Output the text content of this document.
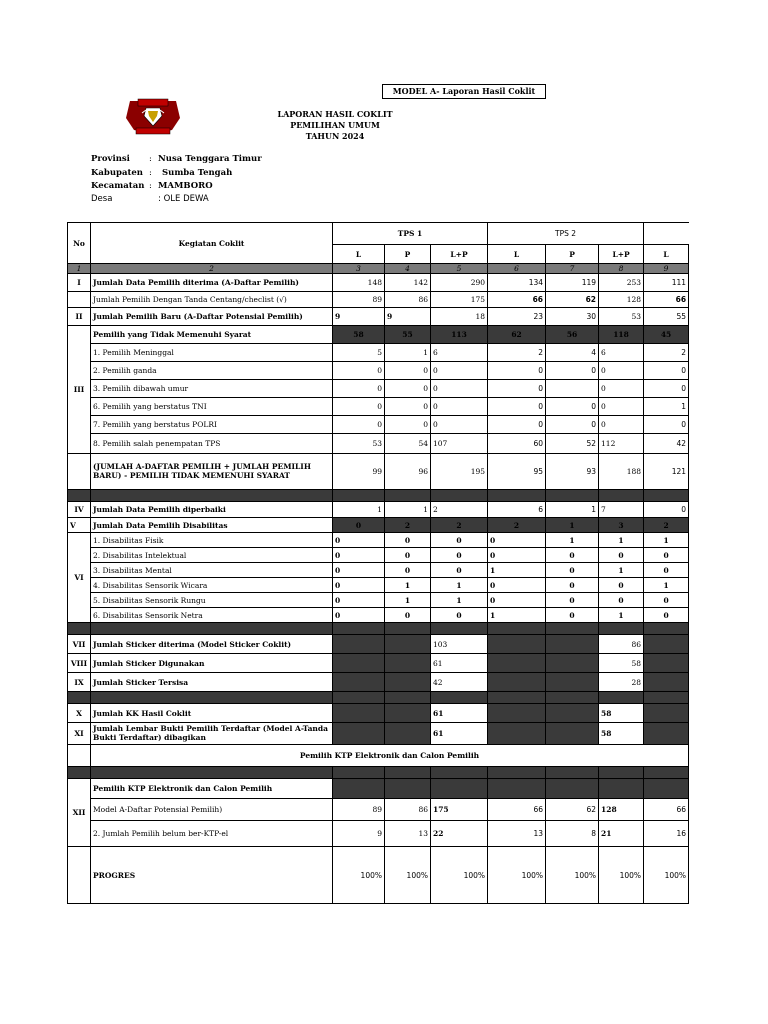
MODEL A- Laporan Hasil Coklit
LAPORAN HASIL COKLIT
PEMILIHAN UMUM
TAHUN 2024
Provinsi : Nusa Tenggara Timur
Kabupaten :Sumba Tengah
Kecamatan : MAMBORO
Desa	: OLE DEWA
No	Kegiatan Coklit	TPS 1			TPS 2			
		L	P	L+P	L	P	L+P	L
1	2	3	4	5	6	7	8	9
I	Jumlah Data Pemilih diterima (A-Daftar Pemilih)	148	142	290	134	119	253	111
	Jumlah Pemilih Dengan Tanda Centang/checlist (√)	89	86	175	66	62	128	66
II	Jumlah Pemilih Baru (A-Daftar Potensial Pemilih)	9	9	18	23	30	53	55
III	Pemilih yang Tidak Memenuhi Syarat	58	55	113	62	56	118	45
	1. Pemilih Meninggal	5	1	6	2	4	6	2
	2. Pemilih ganda	0	0	0	0	0	0	0
	3. Pemilih dibawah umur	0	0	0	0		0	0
	6. Pemilih yang berstatus TNI	0	0	0	0	0	0	1
	7. Pemilih yang berstatus POLRI	0	0	0	0	0	0	0
	8. Pemilih salah penempatan TPS	53	54	107	60	52	112	42
	(JUMLAH A-DAFTAR PEMILIH + JUMLAH PEMILIH BARU) - PEMILIH TIDAK MEMENUHI SYARAT	99	96	195	95	93	188	121

IV	Jumlah Data Pemilih diperbaiki	1	1	2	6	1	7	0
V	Jumlah Data Pemilih Disabilitas	0	2	2	2	1	3	2
VI	1. Disabilitas Fisik	0	0	0	0	1	1	1
	2. Disabilitas Intelektual	0	0	0	0	0	0	0
	3. Disabilitas Mental	0	0	0	1	0	1	0
	4. Disabilitas Sensorik Wicara	0	1	1	0	0	0	1
	5. Disabilitas Sensorik Rungu	0	1	1	0	0	0	0
	6. Disabilitas Sensorik Netra	0	0	0	1	0	1	0

VII	Jumlah Sticker diterima (Model Sticker Coklit)			103			86	
VIII	Jumlah Sticker Digunakan			61			58	
IX	Jumlah Sticker Tersisa			42			28	

X	Jumlah KK Hasil Coklit			61			58	
XI	Jumlah Lembar Bukti Pemilih Terdaftar (Model A-Tanda Bukti Terdaftar) dibagikan			61			58	
	Pemilih KTP Elektronik dan Calon Pemilih							

XII	Pemilih KTP Elektronik dan Calon Pemilih							
	Model A-Daftar Potensial Pemilih)	89	86	175	66	62	128	66
	2. Jumlah Pemilih belum ber-KTP-el	9	13	22	13	8	21	16
	PROGRES	100%	100%	100%	100%	100%	100%	100%
